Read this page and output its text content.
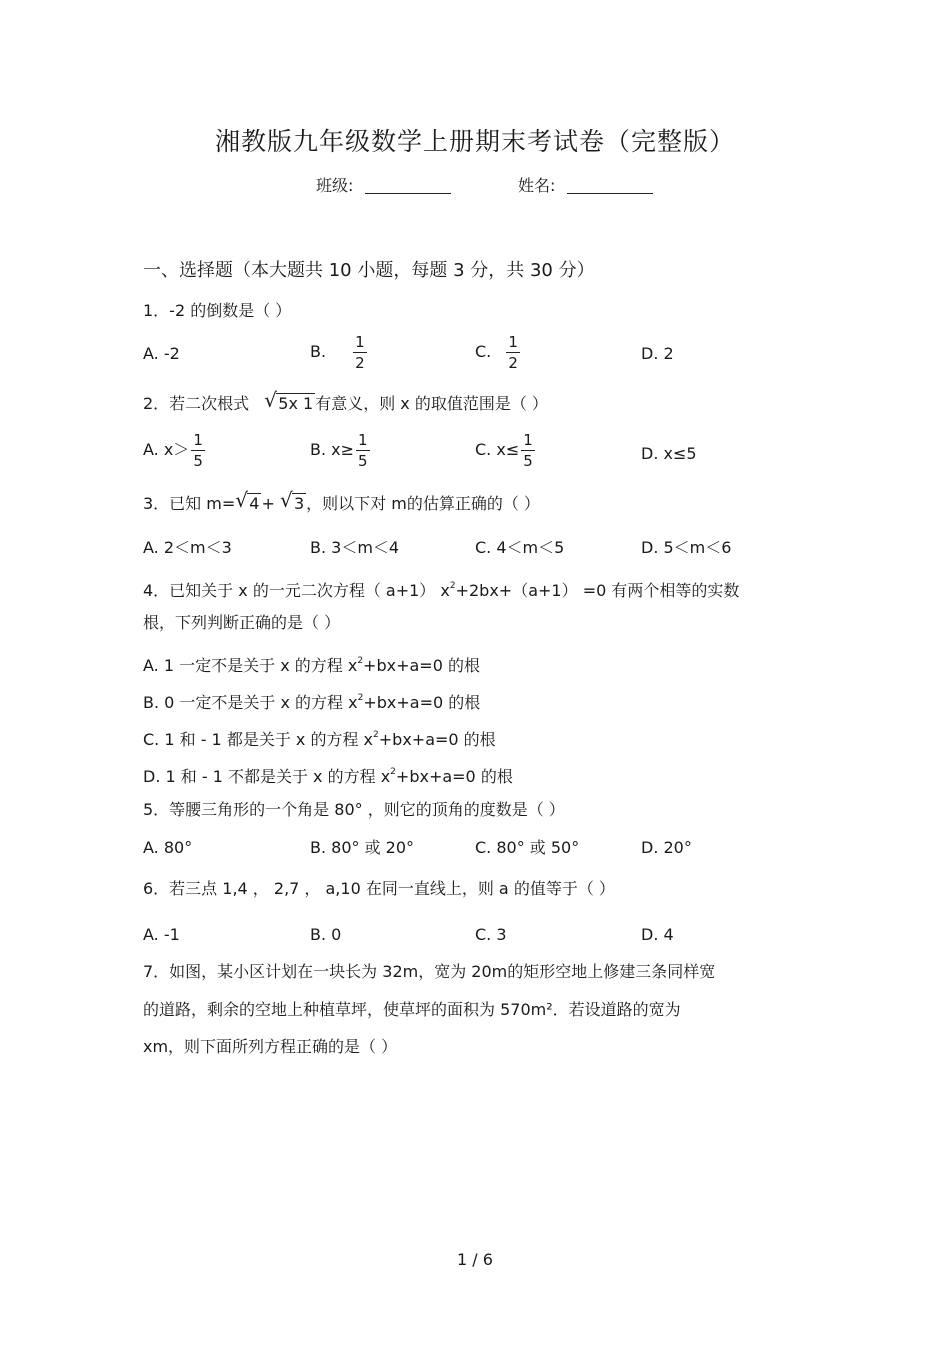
湘教版九年级数学上册期末考试卷（完整版）
班级:	姓名:
一、选择题（本大题共 10 小题，每题 3 分，共 30 分）
1．-2 的倒数是（ ）
A. -2	B. $\frac{1}{2}$	C. $\frac{1}{2}$	D. 2
2．若二次根式 √ 5x 1 有意义，则 x 的取值范围是（ ）
A. $x> \frac{1}{5}$	B. $x\ge \frac{1}{5}$	C. $x\le \frac{1}{5}$	D. x≤5
3．已知 m= √ 4 + √ 3 ，则以下对 m的估算正确的（ ）
A. 2＜m＜3	B. 3＜m＜4	C. 4＜m＜5	D. 5＜m＜6
4．已知关于 x 的一元二次方程（ a+1） $x^2+2bx+(a+1) =0$ 有两个相等的实数
根，下列判断正确的是（ ）
A. 1 一定不是关于 x 的方程 $x^2+bx+a=0$ 的根
B. 0 一定不是关于 x 的方程 $x^2+bx+a=0$ 的根
C. 1 和 - 1 都是关于 x 的方程 $x^2+bx+a=0$ 的根
D. 1 和 - 1 不都是关于 x 的方程 $x^2+bx+a=0$ 的根
5．等腰三角形的一个角是 80° ，则它的顶角的度数是（ ）
A. 80°	B. 80° 或 20°	C. 80° 或 50°	D. 20°
6．若三点 1,4 ， 2,7 ， a,10 在同一直线上，则 a 的值等于（ ）
A. -1	B. 0	C. 3	D. 4
7．如图，某小区计划在一块长为 32m，宽为 20m的矩形空地上修建三条同样宽
的道路，剩余的空地上种植草坪，使草坪的面积为 570m²．若设道路的宽为
xm，则下面所列方程正确的是（ ）
1 / 6
